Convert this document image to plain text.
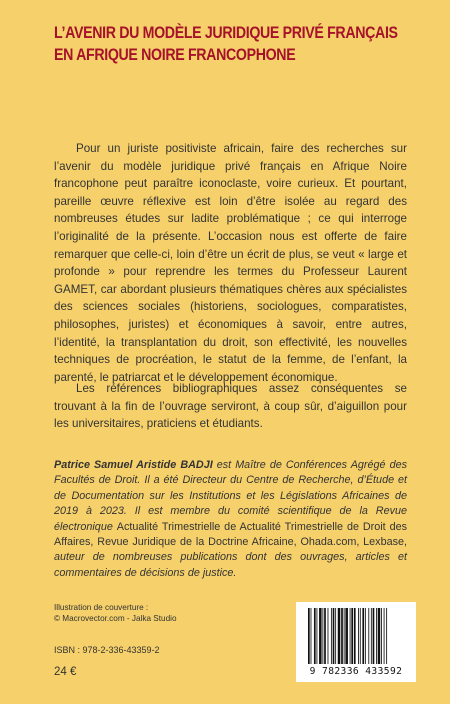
L’AVENIR DU MODÈLE JURIDIQUE PRIVÉ FRANÇAIS
EN AFRIQUE NOIRE FRANCOPHONE
Pour un juriste positiviste africain, faire des recherches sur l’avenir du modèle juridique privé français en Afrique Noire francophone peut paraître iconoclaste, voire curieux. Et pourtant, pareille œuvre réflexive est loin d’être isolée au regard des nombreuses études sur ladite problématique ; ce qui interroge l’originalité de la présente. L’occasion nous est offerte de faire remarquer que celle-ci, loin d’être un écrit de plus, se veut « large et profonde » pour reprendre les termes du Professeur Laurent GAMET, car abordant plusieurs thématiques chères aux spécialistes des sciences sociales (historiens, sociologues, comparatistes, philosophes, juristes) et économiques à savoir, entre autres, l’identité, la transplantation du droit, son effectivité, les nouvelles techniques de procréation, le statut de la femme, de l’enfant, la parenté, le patriarcat et le développement économique.
Les références bibliographiques assez conséquentes se trouvant à la fin de l’ouvrage serviront, à coup sûr, d’aiguillon pour les universitaires, praticiens et étudiants.
Patrice Samuel Aristide BADJI est Maître de Conférences Agrégé des Facultés de Droit. Il a été Directeur du Centre de Recherche, d’Étude et de Documentation sur les Institutions et les Législations Africaines de 2019 à 2023. Il est membre du comité scientifique de la Revue électronique Actualité Trimestrielle de Actualité Trimestrielle de Droit des Affaires, Revue Juridique de la Doctrine Africaine, Ohada.com, Lexbase, auteur de nombreuses publications dont des ouvrages, articles et commentaires de décisions de justice.
Illustration de couverture :
© Macrovector.com - Jalka Studio
ISBN : 978-2-336-43359-2
24 €	9 782336 433592
